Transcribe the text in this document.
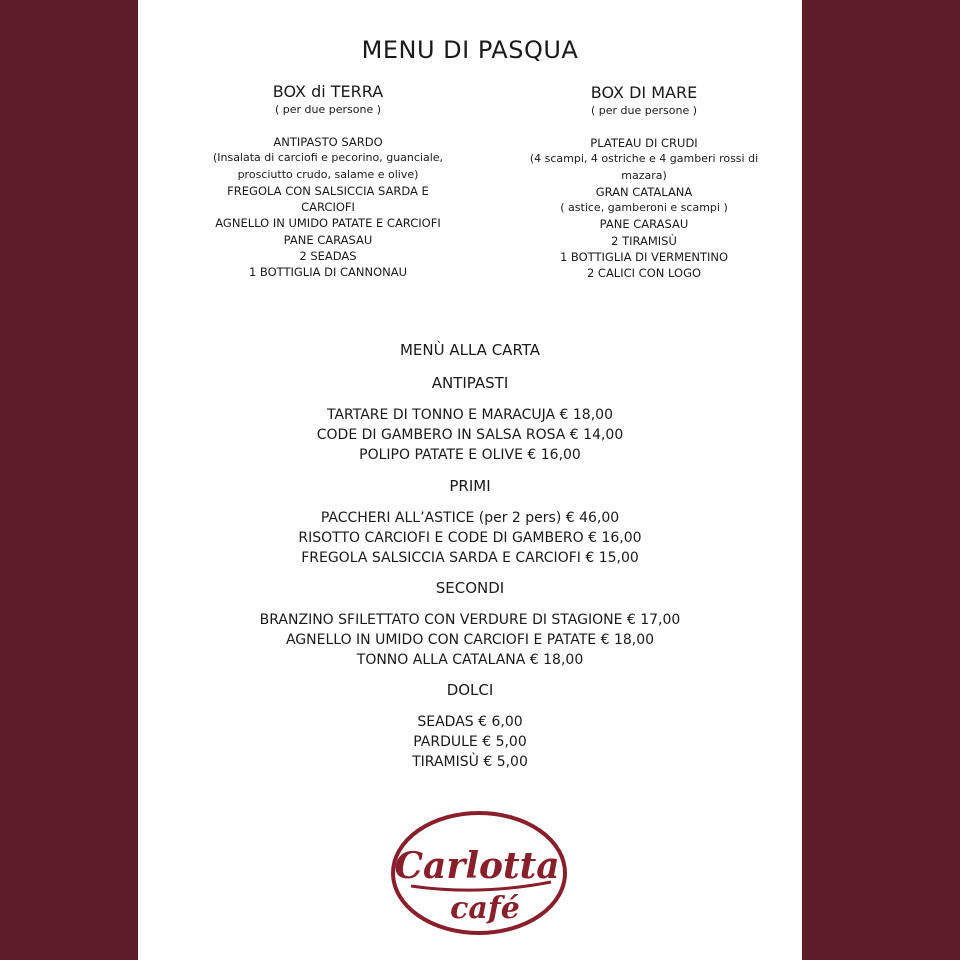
MENU DI PASQUA
BOX di TERRA
( per due persone )
ANTIPASTO SARDO
(Insalata di carciofi e pecorino, guanciale,
prosciutto crudo, salame e olive)
FREGOLA CON SALSICCIA SARDA E
CARCIOFI
AGNELLO IN UMIDO PATATE E CARCIOFI
PANE CARASAU
2 SEADAS
1 BOTTIGLIA DI CANNONAU
BOX DI MARE
( per due persone )
PLATEAU DI CRUDI
(4 scampi, 4 ostriche e 4 gamberi rossi di
mazara)
GRAN CATALANA
( astice, gamberoni e scampi )
PANE CARASAU
2 TIRAMISÙ
1 BOTTIGLIA DI VERMENTINO
2 CALICI CON LOGO
MENÙ ALLA CARTA
ANTIPASTI
TARTARE DI TONNO E MARACUJA € 18,00
CODE DI GAMBERO IN SALSA ROSA € 14,00
POLIPO PATATE E OLIVE € 16,00
PRIMI
PACCHERI ALL’ASTICE (per 2 pers) € 46,00
RISOTTO CARCIOFI E CODE DI GAMBERO € 16,00
FREGOLA SALSICCIA SARDA E CARCIOFI € 15,00
SECONDI
BRANZINO SFILETTATO CON VERDURE DI STAGIONE € 17,00
AGNELLO IN UMIDO CON CARCIOFI E PATATE € 18,00
TONNO ALLA CATALANA € 18,00
DOLCI
SEADAS € 6,00
PARDULE € 5,00
TIRAMISÙ € 5,00
Carlotta
café
